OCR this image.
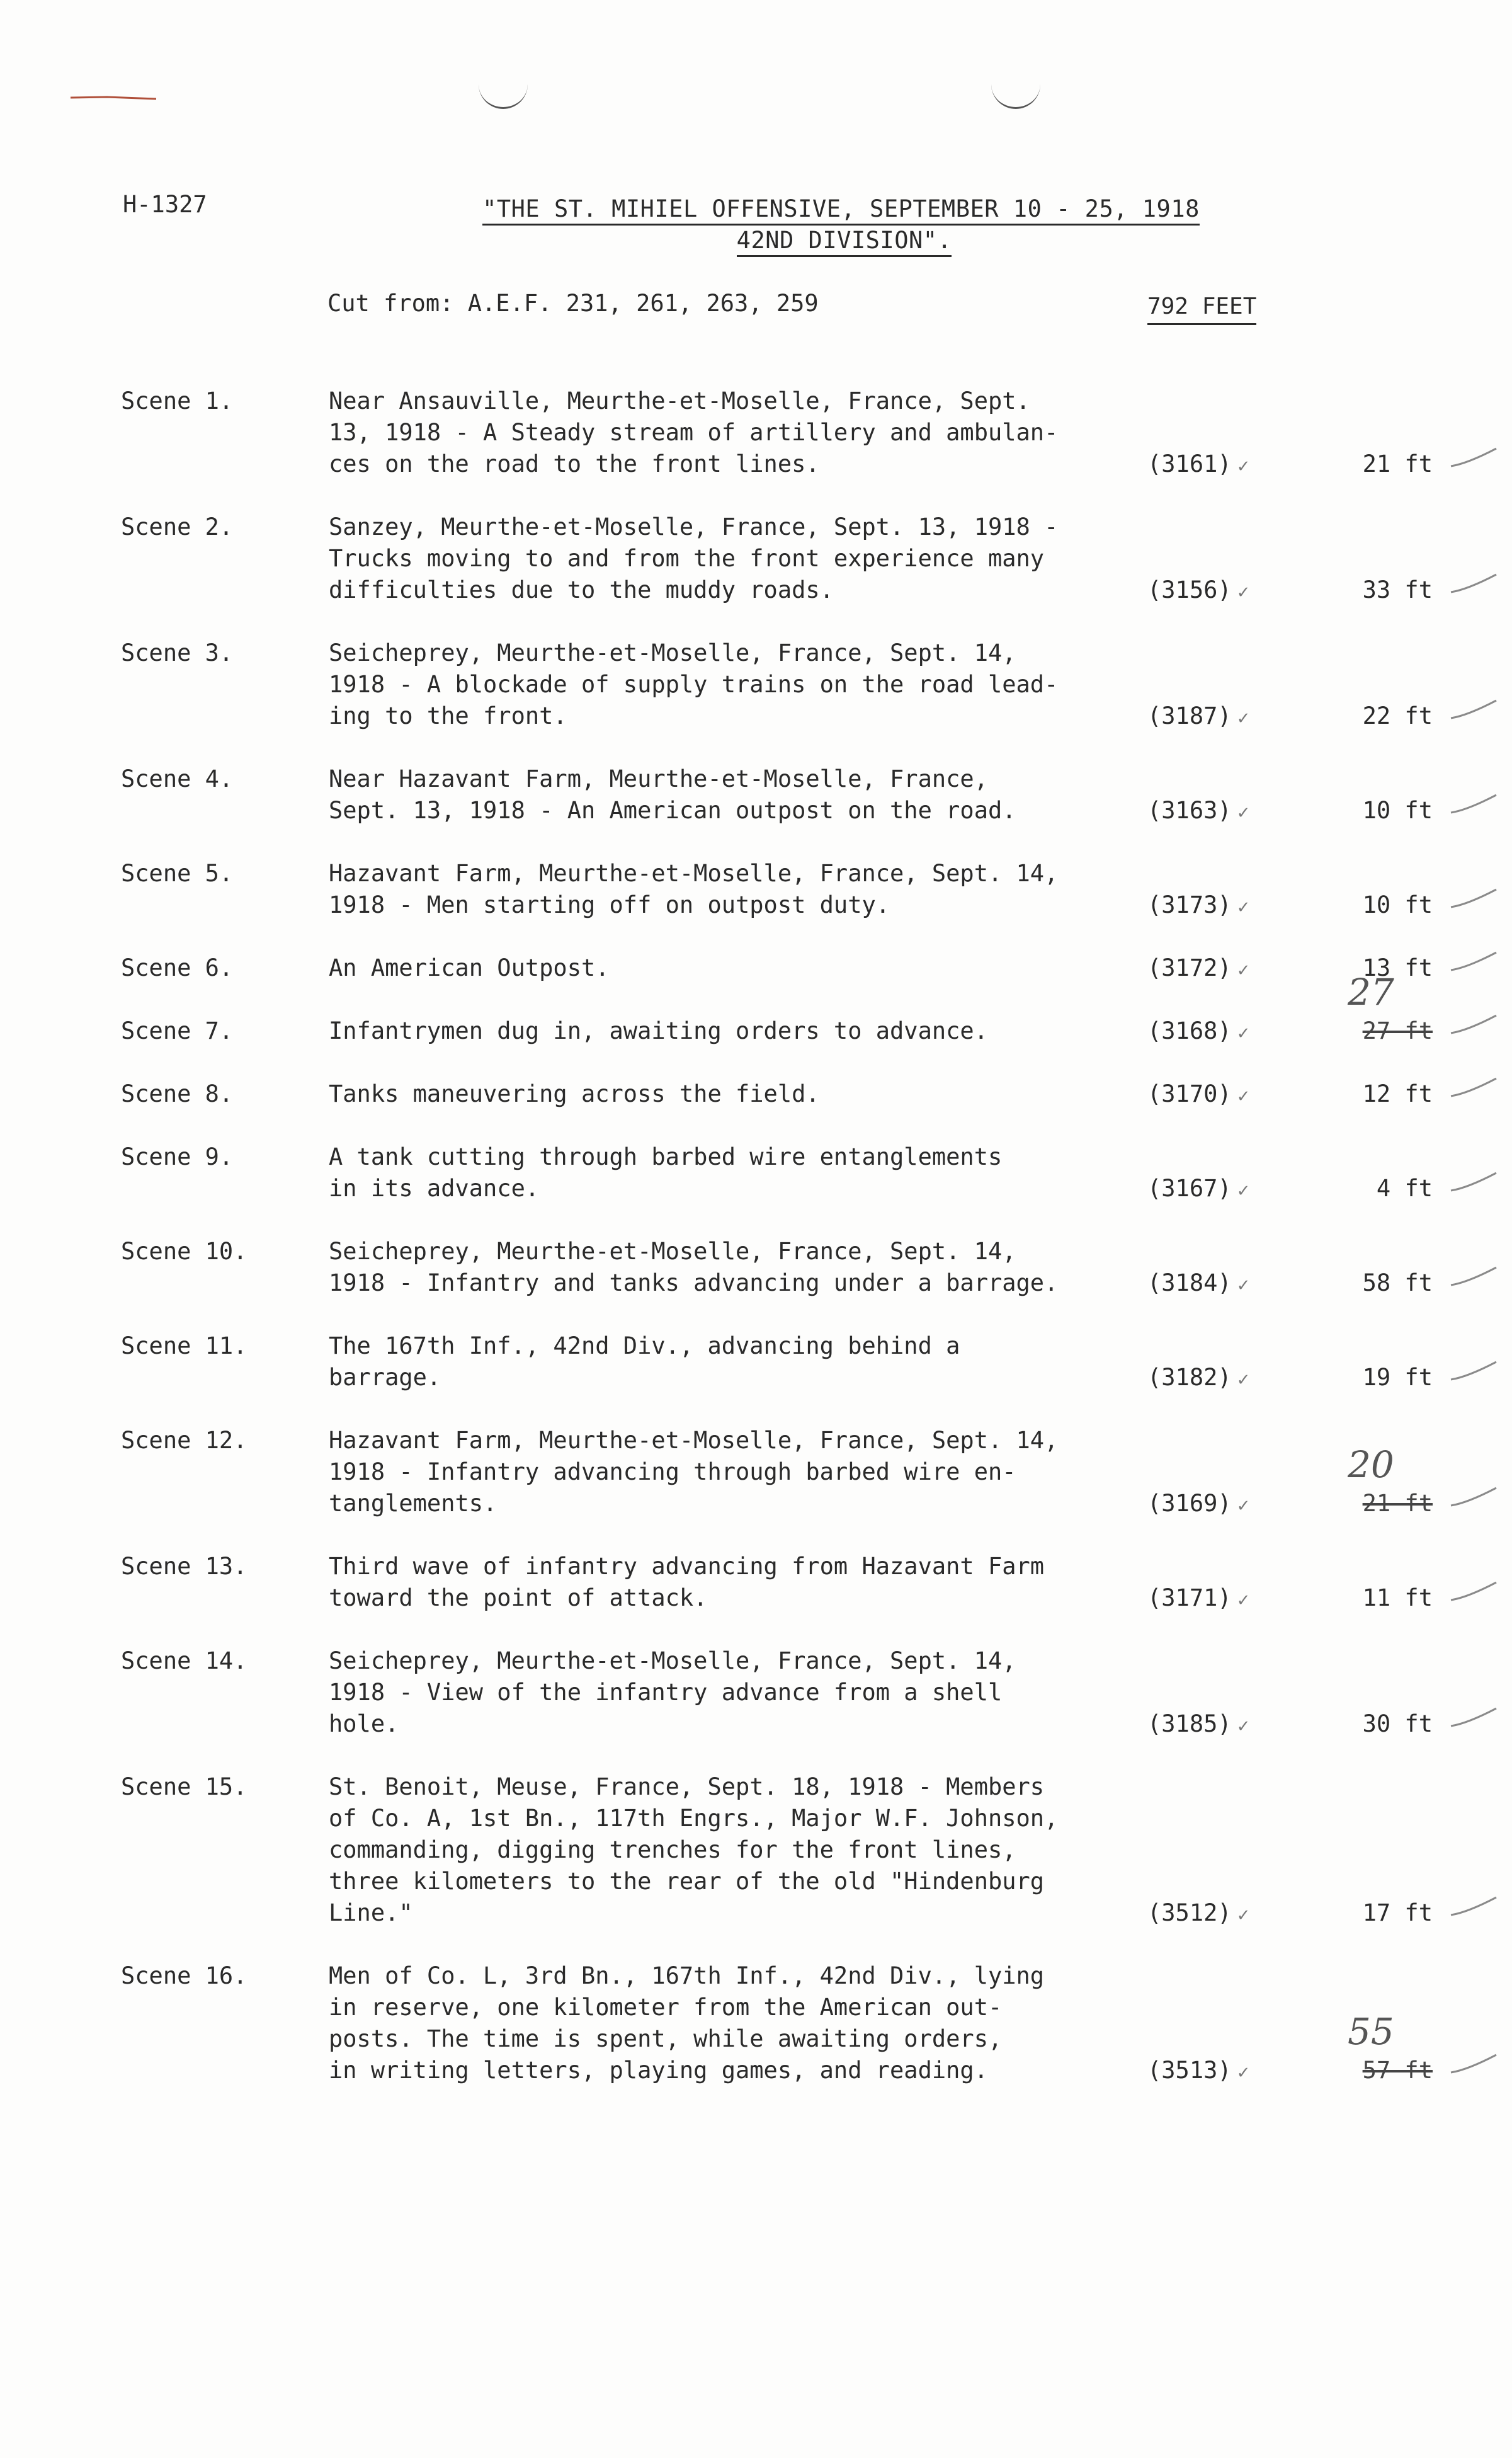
H-1327	"THE ST. MIHIEL OFFENSIVE, SEPTEMBER 10 - 25, 1918
42ND DIVISION".
Cut from: A.E.F. 231, 261, 263, 259	792 FEET
Scene 1.	Near Ansauville, Meurthe-et-Moselle, France, Sept.
13, 1918 - A Steady stream of artillery and ambulan-
ces on the road to the front lines.	(3161) ✓	21 ft
Scene 2.	Sanzey, Meurthe-et-Moselle, France, Sept. 13, 1918 -
Trucks moving to and from the front experience many
difficulties due to the muddy roads.	(3156) ✓	33 ft
Scene 3.	Seicheprey, Meurthe-et-Moselle, France, Sept. 14,
1918 - A blockade of supply trains on the road lead-
ing to the front.	(3187) ✓	22 ft
Scene 4.	Near Hazavant Farm, Meurthe-et-Moselle, France,
Sept. 13, 1918 - An American outpost on the road.	(3163) ✓	10 ft
Scene 5.	Hazavant Farm, Meurthe-et-Moselle, France, Sept. 14,
1918 - Men starting off on outpost duty.	(3173) ✓	10 ft
Scene 6.	An American Outpost.	(3172) ✓	13 ft
Scene 7.	Infantrymen dug in, awaiting orders to advance.	(3168) ✓	27 ft
27
Scene 8.	Tanks maneuvering across the field.	(3170) ✓	12 ft
Scene 9.	A tank cutting through barbed wire entanglements
in its advance.	(3167) ✓	4 ft
Scene 10.	Seicheprey, Meurthe-et-Moselle, France, Sept. 14,
1918 - Infantry and tanks advancing under a barrage.	(3184) ✓	58 ft
Scene 11.	The 167th Inf., 42nd Div., advancing behind a
barrage.	(3182) ✓	19 ft
Scene 12.	Hazavant Farm, Meurthe-et-Moselle, France, Sept. 14,
1918 - Infantry advancing through barbed wire en-
tanglements.	(3169) ✓	21 ft
20
Scene 13.	Third wave of infantry advancing from Hazavant Farm
toward the point of attack.	(3171) ✓	11 ft
Scene 14.	Seicheprey, Meurthe-et-Moselle, France, Sept. 14,
1918 - View of the infantry advance from a shell
hole.	(3185) ✓	30 ft
Scene 15.	St. Benoit, Meuse, France, Sept. 18, 1918 - Members
of Co. A, 1st Bn., 117th Engrs., Major W.F. Johnson,
commanding, digging trenches for the front lines,
three kilometers to the rear of the old "Hindenburg
Line."	(3512) ✓	17 ft
Scene 16.	Men of Co. L, 3rd Bn., 167th Inf., 42nd Div., lying
in reserve, one kilometer from the American out-
posts. The time is spent, while awaiting orders,
in writing letters, playing games, and reading.	(3513) ✓	57 ft
55
